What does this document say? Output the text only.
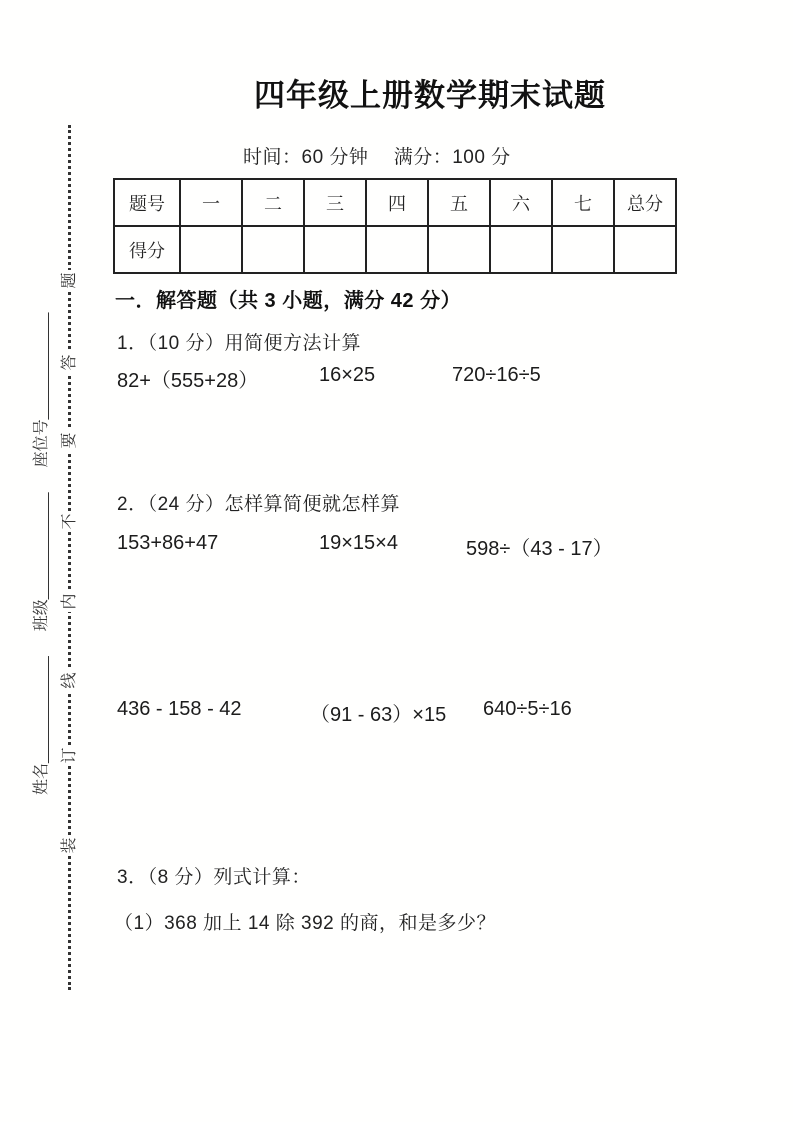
装
订
线
内
不
要
答
题
姓名____________
班级____________
座位号____________
四年级上册数学期末试题
时间：60 分钟　 满分：100 分
题号	一	二	三	四	五	六	七	总分
得分								
一．解答题（共 3 小题，满分 42 分）
1．（10 分）用简便方法计算
82+（555+28）	16×25	720÷16÷5
2．（24 分）怎样算简便就怎样算
153+86+47	19×15×4	598÷（43 - 17）
436 - 158 - 42	（91 - 63）×15	640÷5÷16
3．（8 分）列式计算：
（1）368 加上 14 除 392 的商，和是多少？
